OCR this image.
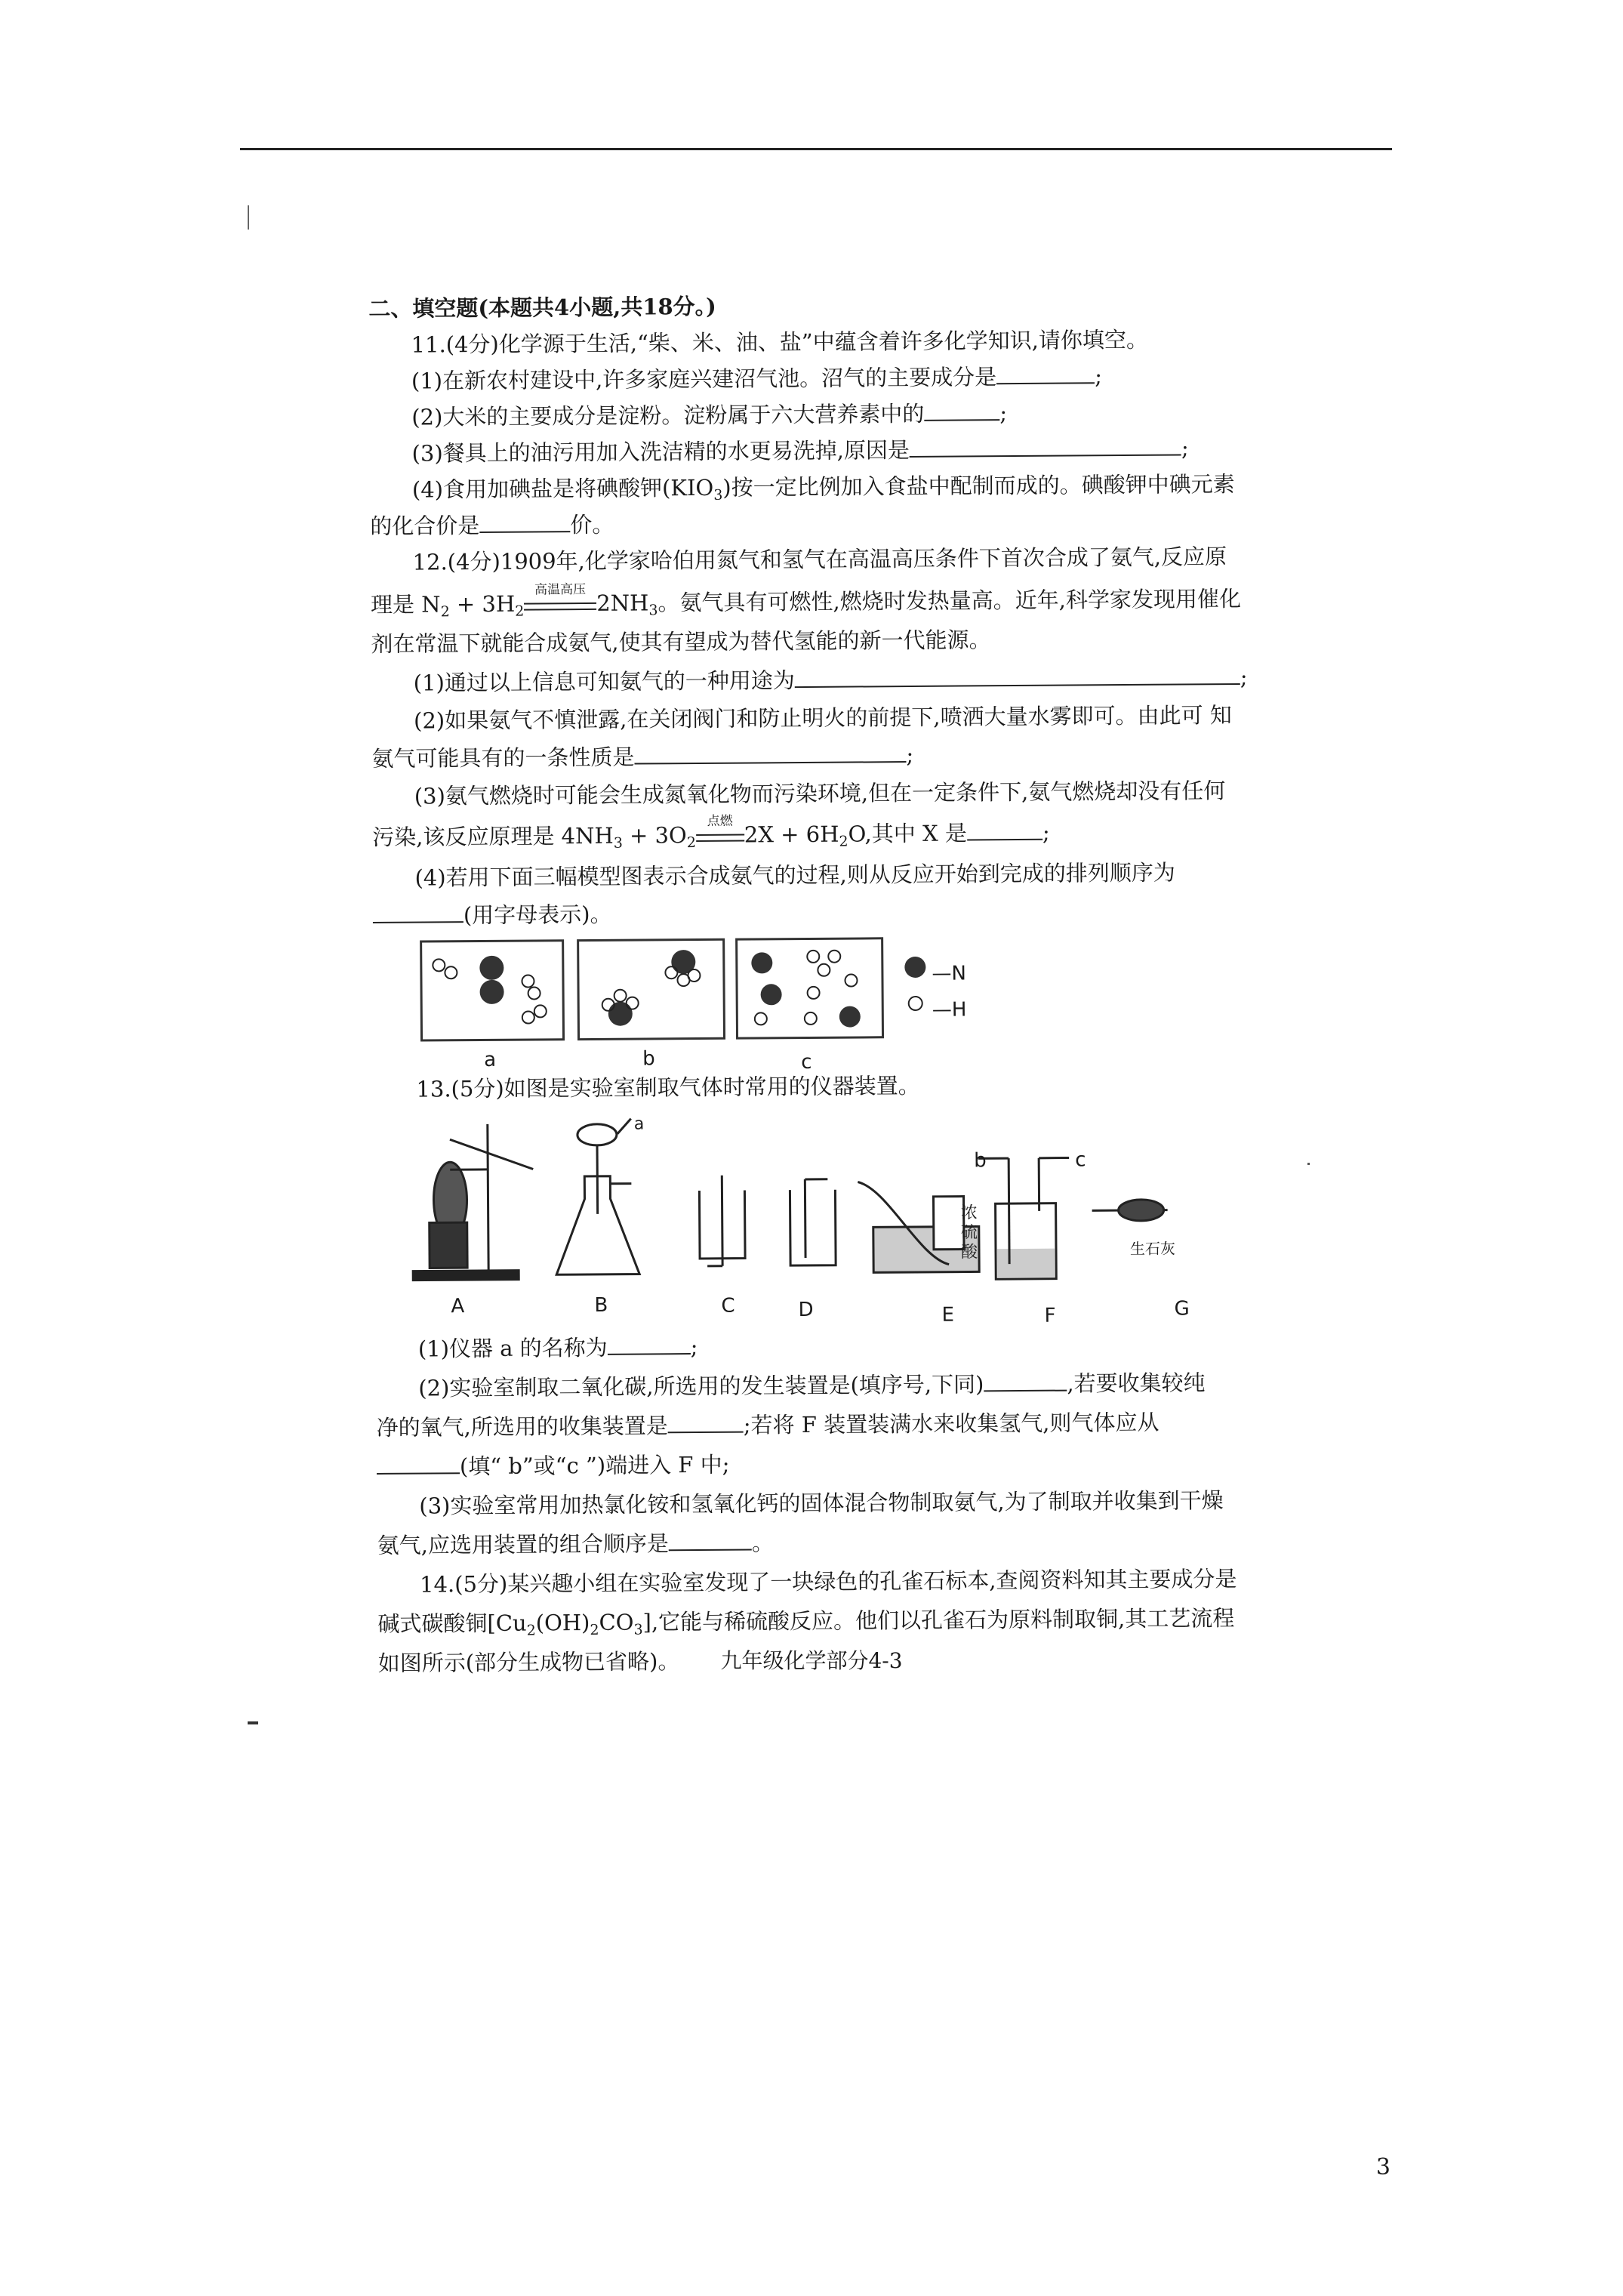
二、填空题(本题共4小题,共18分。)
11.(4分)化学源于生活,“柴、米、油、盐”中蕴含着许多化学知识,请你填空。
(1)在新农村建设中,许多家庭兴建沼气池。沼气的主要成分是	;
(2)大米的主要成分是淀粉。淀粉属于六大营养素中的	;
(3)餐具上的油污用加入洗洁精的水更易洗掉,原因是	;
(4)食用加碘盐是将碘酸钾$(KIO_3)$按一定比例加入食盐中配制而成的。碘酸钾中碘元素
的化合价是	价。
12.(4分)1909年,化学家哈伯用氮气和氢气在高温高压条件下首次合成了氨气,反应原
理是 $N_2 + 3H_2$
高温高压
$2NH_3$。氨气具有可燃性,燃烧时发热量高。近年,科学家发现用催化
剂在常温下就能合成氨气,使其有望成为替代氢能的新一代能源。
(1)通过以上信息可知氨气的一种用途为	;
(2)如果氨气不慎泄露,在关闭阀门和防止明火的前提下,喷洒大量水雾即可。由此可 知
氨气可能具有的一条性质是	;
(3)氨气燃烧时可能会生成氮氧化物而污染环境,但在一定条件下,氨气燃烧却没有任何
污染,该反应原理是 $4NH_3 + 3O_2$
点燃 $2X + 6H_2O$,其中 X 是	;
(4)若用下面三幅模型图表示合成氨气的过程,则从反应开始到完成的排列顺序为
(用字母表示)。
a	b	c
—N
—H
13.(5分)如图是实验室制取气体时常用的仪器装置。
a
b	c
浓
硫
酸	生石灰
A	B	C	D	E	F	G
(1)仪器 a 的名称为	;
(2)实验室制取二氧化碳,所选用的发生装置是(填序号,下同)	,若要收集较纯
净的氧气,所选用的收集装置是	;若将 F 装置装满水来收集氢气,则气体应从
(填“ b”或“c ”)端进入 F 中;
(3)实验室常用加热氯化铵和氢氧化钙的固体混合物制取氨气,为了制取并收集到干燥
氨气,应选用装置的组合顺序是	。
14.(5分)某兴趣小组在实验室发现了一块绿色的孔雀石标本,查阅资料知其主要成分是
碱式碳酸铜$[Cu_2(OH)_2CO_3]$,它能与稀硫酸反应。他们以孔雀石为原料制取铜,其工艺流程
如图所示(部分生成物已省略)。	九年级化学部分4-3
3
